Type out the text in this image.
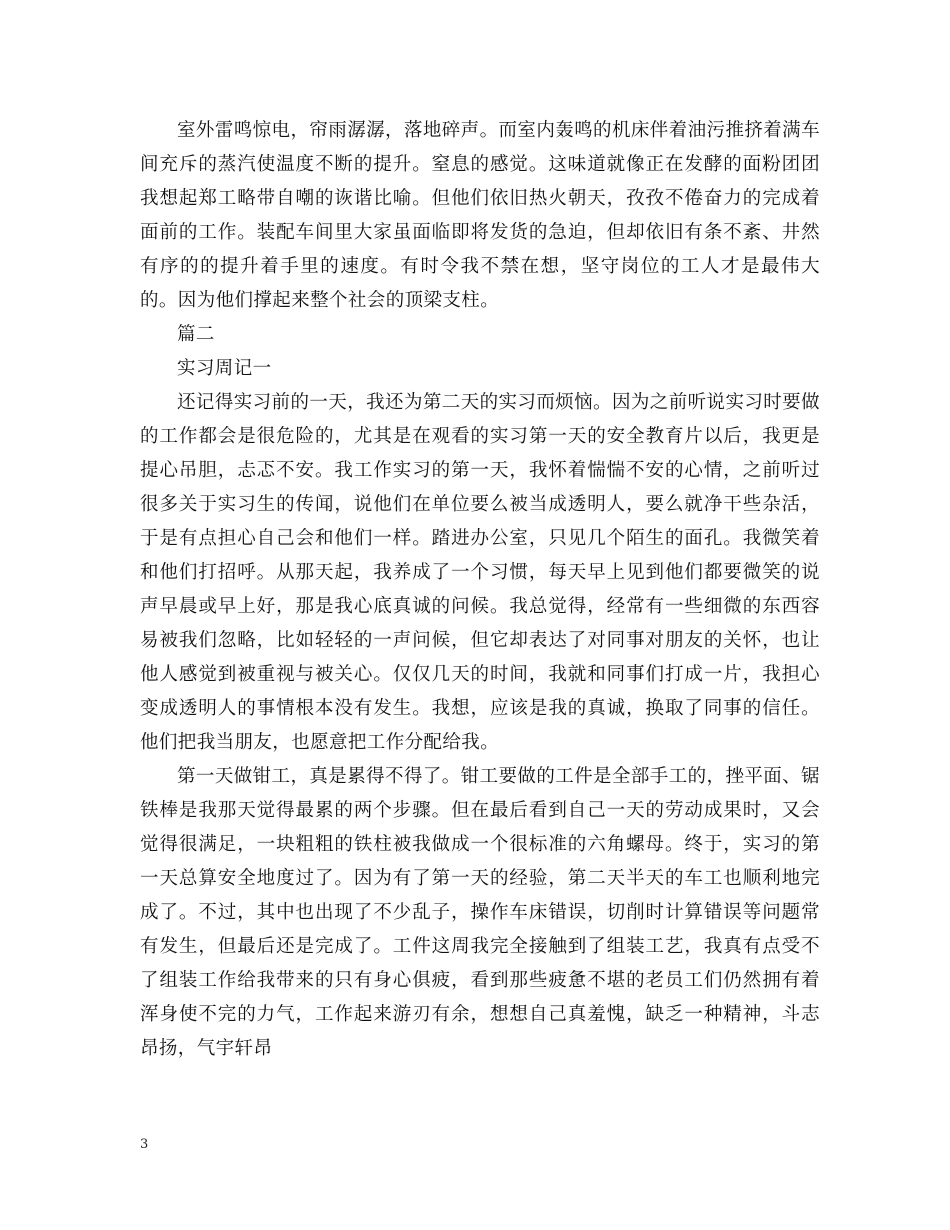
室外雷鸣惊电，帘雨潺潺，落地碎声。而室内轰鸣的机床伴着油污推挤着满车间充斥的蒸汽使温度不断的提升。窒息的感觉。这味道就像正在发酵的面粉团团我想起郑工略带自嘲的诙谐比喻。但他们依旧热火朝天，孜孜不倦奋力的完成着面前的工作。装配车间里大家虽面临即将发货的急迫，但却依旧有条不紊、井然有序的的提升着手里的速度。有时令我不禁在想，坚守岗位的工人才是最伟大的。因为他们撑起来整个社会的顶梁支柱。

篇二

实习周记一

还记得实习前的一天，我还为第二天的实习而烦恼。因为之前听说实习时要做的工作都会是很危险的，尤其是在观看的实习第一天的安全教育片以后，我更是提心吊胆，忐忑不安。我工作实习的第一天，我怀着惴惴不安的心情，之前听过很多关于实习生的传闻，说他们在单位要么被当成透明人，要么就净干些杂活，于是有点担心自己会和他们一样。踏进办公室，只见几个陌生的面孔。我微笑着和他们打招呼。从那天起，我养成了一个习惯，每天早上见到他们都要微笑的说声早晨或早上好，那是我心底真诚的问候。我总觉得，经常有一些细微的东西容易被我们忽略，比如轻轻的一声问候，但它却表达了对同事对朋友的关怀，也让他人感觉到被重视与被关心。仅仅几天的时间，我就和同事们打成一片，我担心变成透明人的事情根本没有发生。我想，应该是我的真诚，换取了同事的信任。他们把我当朋友，也愿意把工作分配给我。

第一天做钳工，真是累得不得了。钳工要做的工件是全部手工的，挫平面、锯铁棒是我那天觉得最累的两个步骤。但在最后看到自己一天的劳动成果时，又会觉得很满足，一块粗粗的铁柱被我做成一个很标准的六角螺母。终于，实习的第一天总算安全地度过了。因为有了第一天的经验，第二天半天的车工也顺利地完成了。不过，其中也出现了不少乱子，操作车床错误，切削时计算错误等问题常有发生，但最后还是完成了。工件这周我完全接触到了组装工艺，我真有点受不了组装工作给我带来的只有身心俱疲，看到那些疲惫不堪的老员工们仍然拥有着浑身使不完的力气，工作起来游刃有余，想想自己真羞愧，缺乏一种精神，斗志昂扬，气宇轩昂

3
